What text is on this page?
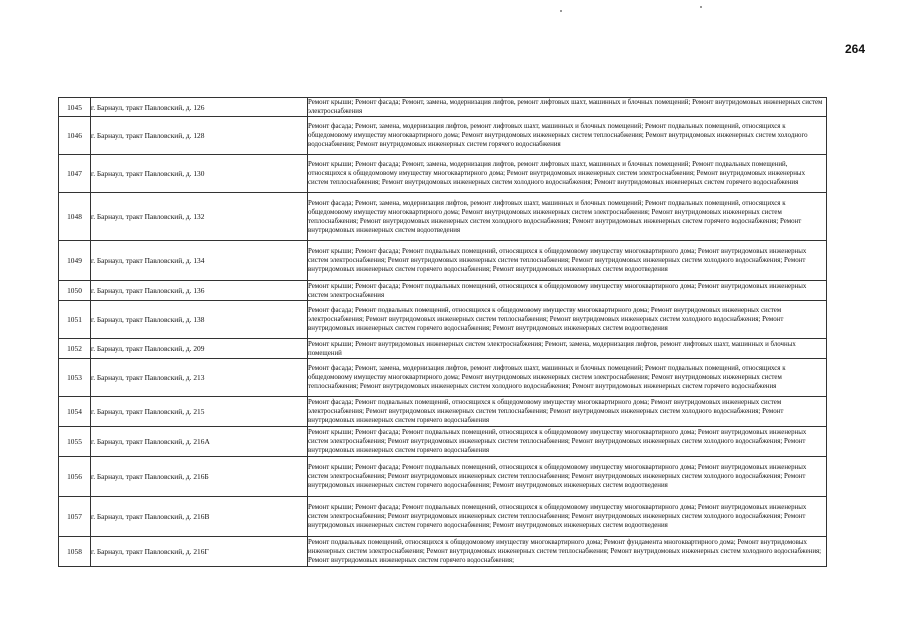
264
1045	г. Барнаул, тракт Павловский, д. 126	Ремонт крыши; Ремонт фасада; Ремонт, замена, модернизация лифтов, ремонт лифтовых шахт, машинных и блочных помещений; Ремонт внутридомовых инженерных систем электроснабжения
1046	г. Барнаул, тракт Павловский, д. 128	Ремонт фасада; Ремонт, замена, модернизация лифтов, ремонт лифтовых шахт, машинных и блочных помещений; Ремонт подвальных помещений, относящихся к общедомовому имуществу многоквартирного дома; Ремонт внутридомовых инженерных систем теплоснабжения; Ремонт внутридомовых инженерных систем холодного водоснабжения; Ремонт внутридомовых инженерных систем горячего водоснабжения
1047	г. Барнаул, тракт Павловский, д. 130	Ремонт крыши; Ремонт фасада; Ремонт, замена, модернизация лифтов, ремонт лифтовых шахт, машинных и блочных помещений; Ремонт подвальных помещений, относящихся к общедомовому имуществу многоквартирного дома; Ремонт внутридомовых инженерных систем электроснабжения; Ремонт внутридомовых инженерных систем теплоснабжения; Ремонт внутридомовых инженерных систем холодного водоснабжения; Ремонт внутридомовых инженерных систем горячего водоснабжения
1048	г. Барнаул, тракт Павловский, д. 132	Ремонт фасада; Ремонт, замена, модернизация лифтов, ремонт лифтовых шахт, машинных и блочных помещений; Ремонт подвальных помещений, относящихся к общедомовому имуществу многоквартирного дома; Ремонт внутридомовых инженерных систем электроснабжения; Ремонт внутридомовых инженерных систем теплоснабжения; Ремонт внутридомовых инженерных систем холодного водоснабжения; Ремонт внутридомовых инженерных систем горячего водоснабжения; Ремонт внутридомовых инженерных систем водоотведения
1049	г. Барнаул, тракт Павловский, д. 134	Ремонт крыши; Ремонт фасада; Ремонт подвальных помещений, относящихся к общедомовому имуществу многоквартирного дома; Ремонт внутридомовых инженерных систем электроснабжения; Ремонт внутридомовых инженерных систем теплоснабжения; Ремонт внутридомовых инженерных систем холодного водоснабжения; Ремонт внутридомовых инженерных систем горячего водоснабжения; Ремонт внутридомовых инженерных систем водоотведения
1050	г. Барнаул, тракт Павловский, д. 136	Ремонт крыши; Ремонт фасада; Ремонт подвальных помещений, относящихся к общедомовому имуществу многоквартирного дома; Ремонт внутридомовых инженерных систем электроснабжения
1051	г. Барнаул, тракт Павловский, д. 138	Ремонт фасада; Ремонт подвальных помещений, относящихся к общедомовому имуществу многоквартирного дома; Ремонт внутридомовых инженерных систем электроснабжения; Ремонт внутридомовых инженерных систем теплоснабжения; Ремонт внутридомовых инженерных систем холодного водоснабжения; Ремонт внутридомовых инженерных систем горячего водоснабжения; Ремонт внутридомовых инженерных систем водоотведения
1052	г. Барнаул, тракт Павловский, д. 209	Ремонт крыши; Ремонт внутридомовых инженерных систем электроснабжения; Ремонт, замена, модернизация лифтов, ремонт лифтовых шахт, машинных и блочных помещений
1053	г. Барнаул, тракт Павловский, д. 213	Ремонт фасада; Ремонт, замена, модернизация лифтов, ремонт лифтовых шахт, машинных и блочных помещений; Ремонт подвальных помещений, относящихся к общедомовому имуществу многоквартирного дома; Ремонт внутридомовых инженерных систем электроснабжения; Ремонт внутридомовых инженерных систем теплоснабжения; Ремонт внутридомовых инженерных систем холодного водоснабжения; Ремонт внутридомовых инженерных систем горячего водоснабжения
1054	г. Барнаул, тракт Павловский, д. 215	Ремонт фасада; Ремонт подвальных помещений, относящихся к общедомовому имуществу многоквартирного дома; Ремонт внутридомовых инженерных систем электроснабжения; Ремонт внутридомовых инженерных систем теплоснабжения; Ремонт внутридомовых инженерных систем холодного водоснабжения; Ремонт внутридомовых инженерных систем горячего водоснабжения
1055	г. Барнаул, тракт Павловский, д. 216А	Ремонт крыши; Ремонт фасада; Ремонт подвальных помещений, относящихся к общедомовому имуществу многоквартирного дома; Ремонт внутридомовых инженерных систем электроснабжения; Ремонт внутридомовых инженерных систем теплоснабжения; Ремонт внутридомовых инженерных систем холодного водоснабжения; Ремонт внутридомовых инженерных систем горячего водоснабжения
1056	г. Барнаул, тракт Павловский, д. 216Б	Ремонт крыши; Ремонт фасада; Ремонт подвальных помещений, относящихся к общедомовому имуществу многоквартирного дома; Ремонт внутридомовых инженерных систем электроснабжения; Ремонт внутридомовых инженерных систем теплоснабжения; Ремонт внутридомовых инженерных систем холодного водоснабжения; Ремонт внутридомовых инженерных систем горячего водоснабжения; Ремонт внутридомовых инженерных систем водоотведения
1057	г. Барнаул, тракт Павловский, д. 216В	Ремонт крыши; Ремонт фасада; Ремонт подвальных помещений, относящихся к общедомовому имуществу многоквартирного дома; Ремонт внутридомовых инженерных систем электроснабжения; Ремонт внутридомовых инженерных систем теплоснабжения; Ремонт внутридомовых инженерных систем холодного водоснабжения; Ремонт внутридомовых инженерных систем горячего водоснабжения; Ремонт внутридомовых инженерных систем водоотведения
1058	г. Барнаул, тракт Павловский, д. 216Г	Ремонт подвальных помещений, относящихся к общедомовому имуществу многоквартирного дома; Ремонт фундамента многоквартирного дома; Ремонт внутридомовых инженерных систем электроснабжения; Ремонт внутридомовых инженерных систем теплоснабжения; Ремонт внутридомовых инженерных систем холодного водоснабжения; Ремонт внутридомовых инженерных систем горячего водоснабжения;
